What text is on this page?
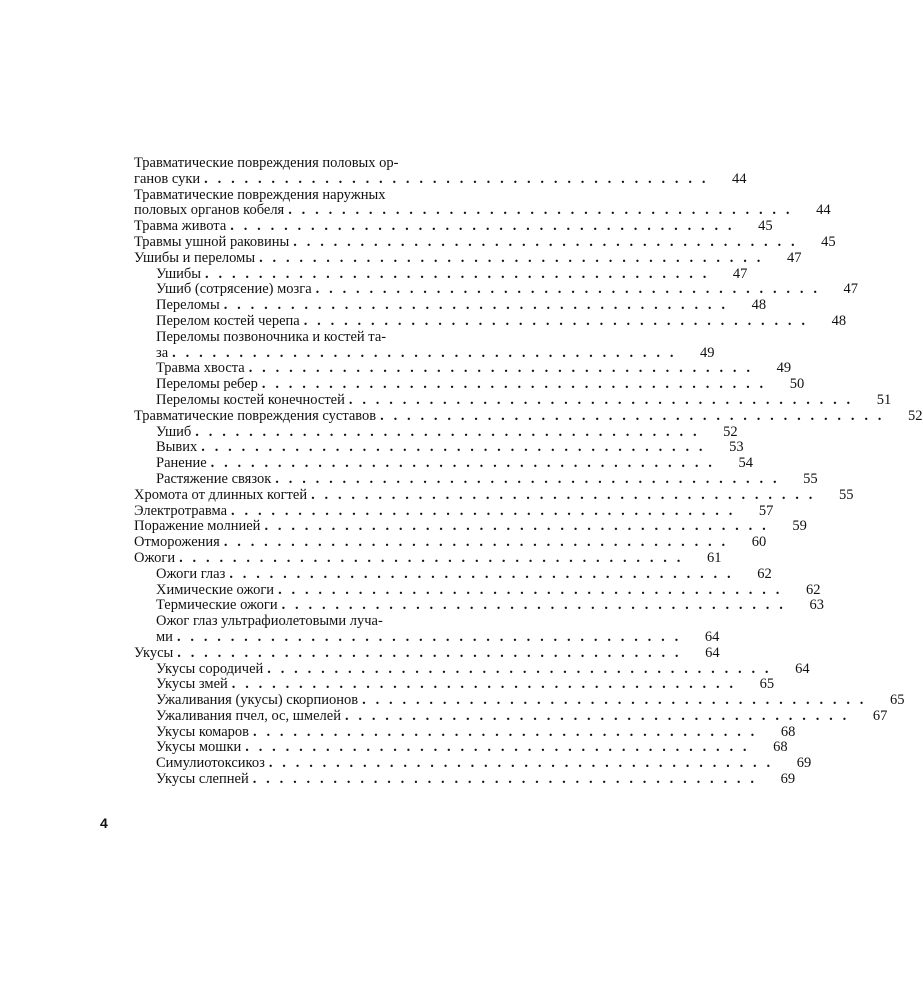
Травматические повреждения половых ор-
ганов суки . . . . . . . . . . . . . . . . . . . . . . . . . . . . . . . . . . . . . .	44
Травматические повреждения наружных
половых органов кобеля . . . . . . . . . . . . . . . . . . . . . . . . . . . . . . . . . . . . . .	44
Травма живота . . . . . . . . . . . . . . . . . . . . . . . . . . . . . . . . . . . . . .	45
Травмы ушной раковины . . . . . . . . . . . . . . . . . . . . . . . . . . . . . . . . . . . . . .	45
Ушибы и переломы . . . . . . . . . . . . . . . . . . . . . . . . . . . . . . . . . . . . . .	47
Ушибы . . . . . . . . . . . . . . . . . . . . . . . . . . . . . . . . . . . . . .	47
Ушиб (сотрясение) мозга . . . . . . . . . . . . . . . . . . . . . . . . . . . . . . . . . . . . . .	47
Переломы . . . . . . . . . . . . . . . . . . . . . . . . . . . . . . . . . . . . . .	48
Перелом костей черепа . . . . . . . . . . . . . . . . . . . . . . . . . . . . . . . . . . . . . .	48
Переломы позвоночника и костей та-
за . . . . . . . . . . . . . . . . . . . . . . . . . . . . . . . . . . . . . .	49
Травма хвоста . . . . . . . . . . . . . . . . . . . . . . . . . . . . . . . . . . . . . .	49
Переломы ребер . . . . . . . . . . . . . . . . . . . . . . . . . . . . . . . . . . . . . .	50
Переломы костей конечностей . . . . . . . . . . . . . . . . . . . . . . . . . . . . . . . . . . . . . .	51
Травматические повреждения суставов . . . . . . . . . . . . . . . . . . . . . . . . . . . . . . . . . . . . . .	52
Ушиб . . . . . . . . . . . . . . . . . . . . . . . . . . . . . . . . . . . . . .	52
Вывих . . . . . . . . . . . . . . . . . . . . . . . . . . . . . . . . . . . . . .	53
Ранение . . . . . . . . . . . . . . . . . . . . . . . . . . . . . . . . . . . . . .	54
Растяжение связок . . . . . . . . . . . . . . . . . . . . . . . . . . . . . . . . . . . . . .	55
Хромота от длинных когтей . . . . . . . . . . . . . . . . . . . . . . . . . . . . . . . . . . . . . .	55
Электротравма . . . . . . . . . . . . . . . . . . . . . . . . . . . . . . . . . . . . . .	57
Поражение молнией . . . . . . . . . . . . . . . . . . . . . . . . . . . . . . . . . . . . . .	59
Отморожения . . . . . . . . . . . . . . . . . . . . . . . . . . . . . . . . . . . . . .	60
Ожоги . . . . . . . . . . . . . . . . . . . . . . . . . . . . . . . . . . . . . .	61
Ожоги глаз . . . . . . . . . . . . . . . . . . . . . . . . . . . . . . . . . . . . . .	62
Химические ожоги . . . . . . . . . . . . . . . . . . . . . . . . . . . . . . . . . . . . . .	62
Термические ожоги . . . . . . . . . . . . . . . . . . . . . . . . . . . . . . . . . . . . . .	63
Ожог глаз ультрафиолетовыми луча-
ми . . . . . . . . . . . . . . . . . . . . . . . . . . . . . . . . . . . . . .	64
Укусы . . . . . . . . . . . . . . . . . . . . . . . . . . . . . . . . . . . . . .	64
Укусы сородичей . . . . . . . . . . . . . . . . . . . . . . . . . . . . . . . . . . . . . .	64
Укусы змей . . . . . . . . . . . . . . . . . . . . . . . . . . . . . . . . . . . . . .	65
Ужаливания (укусы) скорпионов . . . . . . . . . . . . . . . . . . . . . . . . . . . . . . . . . . . . . .	65
Ужаливания пчел, ос, шмелей . . . . . . . . . . . . . . . . . . . . . . . . . . . . . . . . . . . . . .	67
Укусы комаров . . . . . . . . . . . . . . . . . . . . . . . . . . . . . . . . . . . . . .	68
Укусы мошки . . . . . . . . . . . . . . . . . . . . . . . . . . . . . . . . . . . . . .	68
Симулиотоксикоз . . . . . . . . . . . . . . . . . . . . . . . . . . . . . . . . . . . . . .	69
Укусы слепней . . . . . . . . . . . . . . . . . . . . . . . . . . . . . . . . . . . . . .	69
4
